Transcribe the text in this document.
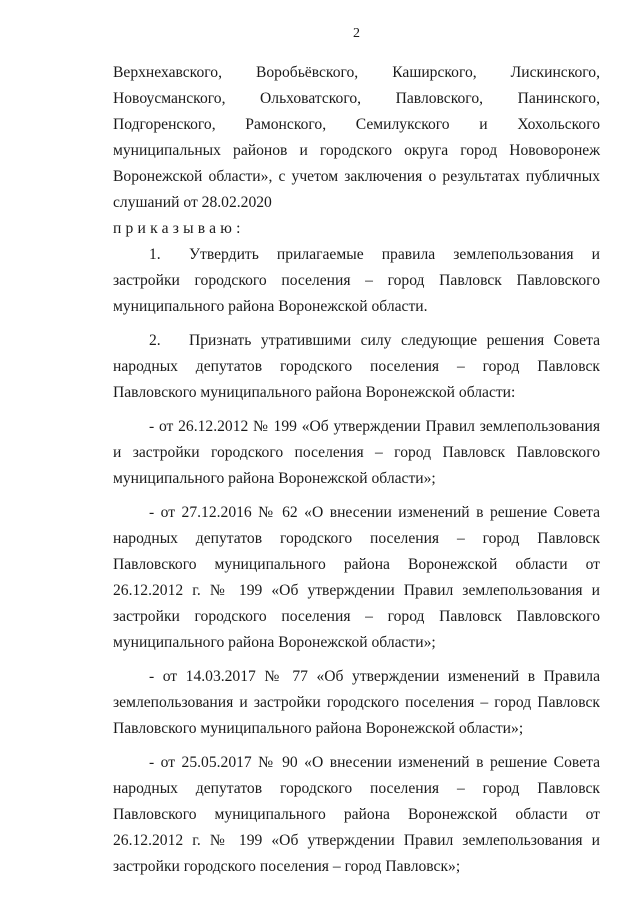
2

Верхнехавского, Воробьёвского, Каширского, Лискинского, Новоусманского, Ольховатского, Павловского, Панинского, Подгоренского, Рамонского, Семилукского и Хохольского муниципальных районов и городского округа город Нововоронеж Воронежской области», с учетом заключения о результатах публичных слушаний от 28.02.2020

приказываю:

1. Утвердить прилагаемые правила землепользования и застройки городского поселения – город Павловск Павловского муниципального района Воронежской области.

2. Признать утратившими силу следующие решения Совета народных депутатов городского поселения – город Павловск Павловского муниципального района Воронежской области:

- от 26.12.2012 № 199 «Об утверждении Правил землепользования и застройки городского поселения – город Павловск Павловского муниципального района Воронежской области»;

- от 27.12.2016 № 62 «О внесении изменений в решение Совета народных депутатов городского поселения – город Павловск Павловского муниципального района Воронежской области от 26.12.2012 г. № 199 «Об утверждении Правил землепользования и застройки городского поселения – город Павловск Павловского муниципального района Воронежской области»;

- от 14.03.2017 № 77 «Об утверждении изменений в Правила землепользования и застройки городского поселения – город Павловск Павловского муниципального района Воронежской области»;

- от 25.05.2017 № 90 «О внесении изменений в решение Совета народных депутатов городского поселения – город Павловск Павловского муниципального района Воронежской области от 26.12.2012 г. № 199 «Об утверждении Правил землепользования и застройки городского поселения – город Павловск»;
